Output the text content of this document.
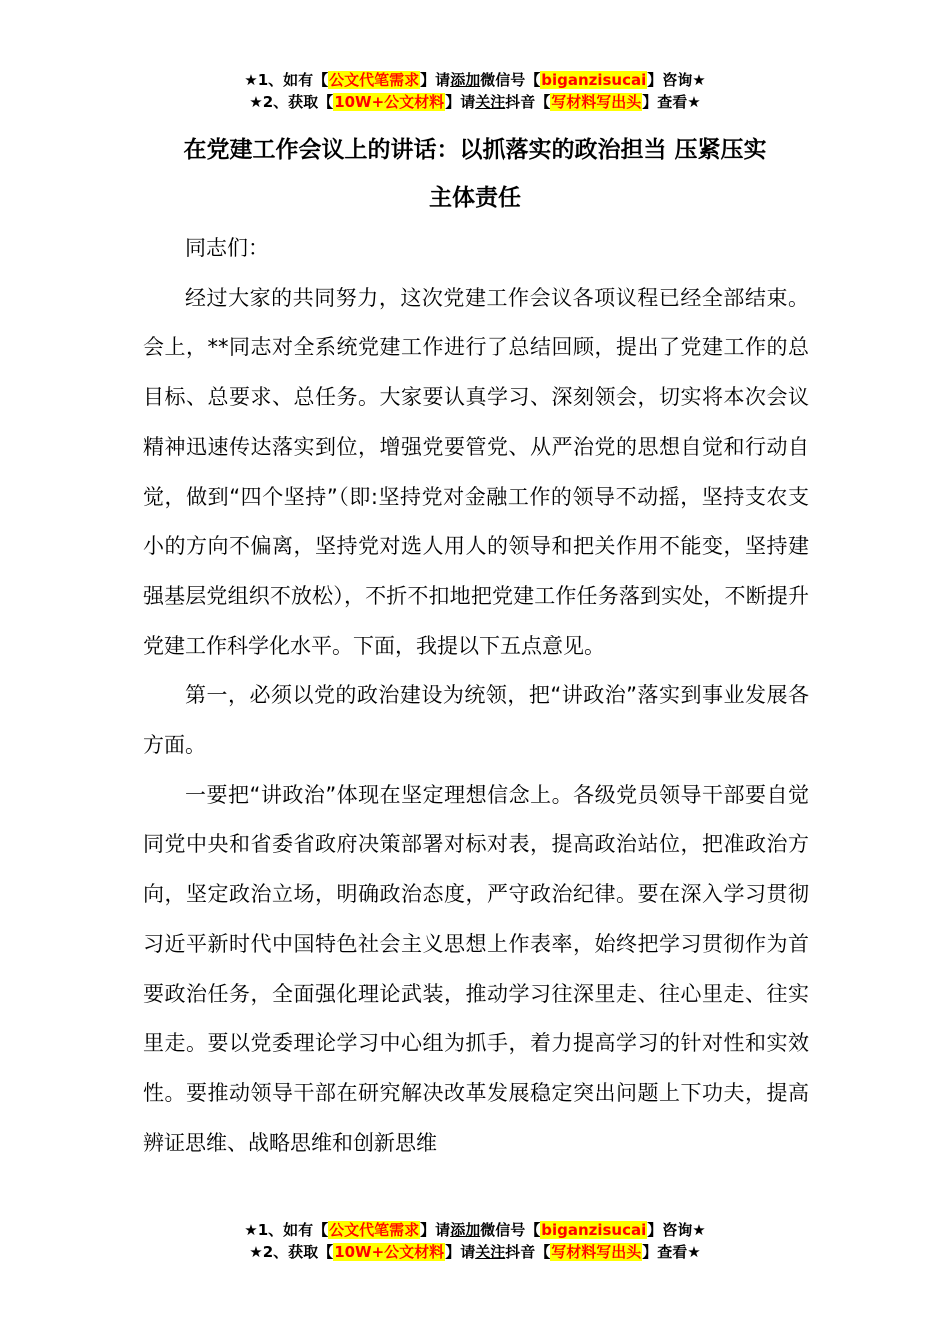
★1、如有【公文代笔需求】请添加微信号【biganzisucai】咨询★
★2、获取【10W+公文材料】请关注抖音【写材料写出头】查看★
在党建工作会议上的讲话：以抓落实的政治担当 压紧压实
主体责任

同志们：

经过大家的共同努力，这次党建工作会议各项议程已经全部结束。会上，**同志对全系统党建工作进行了总结回顾，提出了党建工作的总目标、总要求、总任务。大家要认真学习、深刻领会，切实将本次会议精神迅速传达落实到位，增强党要管党、从严治党的思想自觉和行动自觉，做到“四个坚持”（即:坚持党对金融工作的领导不动摇，坚持支农支小的方向不偏离，坚持党对选人用人的领导和把关作用不能变，坚持建强基层党组织不放松），不折不扣地把党建工作任务落到实处，不断提升党建工作科学化水平。下面，我提以下五点意见。

第一，必须以党的政治建设为统领，把“讲政治”落实到事业发展各方面。

一要把“讲政治”体现在坚定理想信念上。各级党员领导干部要自觉同党中央和省委省政府决策部署对标对表，提高政治站位，把准政治方向，坚定政治立场，明确政治态度，严守政治纪律。要在深入学习贯彻习近平新时代中国特色社会主义思想上作表率，始终把学习贯彻作为首要政治任务，全面强化理论武装，推动学习往深里走、往心里走、往实里走。要以党委理论学习中心组为抓手，着力提高学习的针对性和实效性。要推动领导干部在研究解决改革发展稳定突出问题上下功夫，提高辨证思维、战略思维和创新思维

★1、如有【公文代笔需求】请添加微信号【biganzisucai】咨询★
★2、获取【10W+公文材料】请关注抖音【写材料写出头】查看★
